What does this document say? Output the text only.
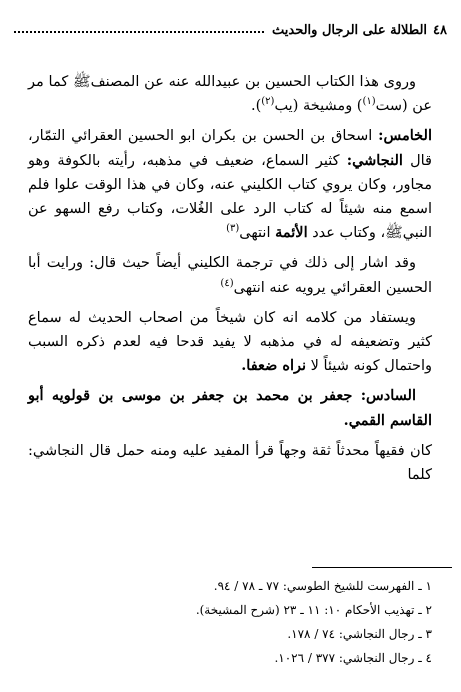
٤٨
الطلالة على الرجال والحديث

وروى هذا الكتاب الحسين بن عبيدالله عنه عن المصنفﷺ كما مر عن (ست$^{(١)}$) ومشيخة (يب$^{(٢)}$).

الخامس: اسحاق بن الحسن بن بكران ابو الحسين العقرائي التمّار، قال النجاشي: كثير السماع، ضعيف في مذهبه، رأيته بالكوفة وهو مجاور، وكان يروي كتاب الكليني عنه، وكان في هذا الوقت علوا فلم اسمع منه شيئاً له كتاب الرد على الغُلات، وكتاب رفع السهو عن النبيﷺ، وكتاب عدد الأئمة انتهى$^{(٣)}$

وقد اشار إلى ذلك في ترجمة الكليني أيضاً حيث قال: ورايت أبا الحسين العقرائي يرويه عنه انتهى$^{(٤)}$

ويستفاد من كلامه انه كان شيخاً من اصحاب الحديث له سماع كثير وتضعيفه له في مذهبه لا يفيد قدحا فيه لعدم ذكره السبب واحتمال كونه شيئاً لا نراه ضعفا.

السادس: جعفر بن محمد بن جعفر بن موسى بن قولويه أبو القاسم القمي.

كان فقيهاً محدثاً ثقة وجهاً قرأ المفيد عليه ومنه حمل قال النجاشي: كلما

١ ـ الفهرست للشيخ الطوسي: ٧٧ ـ ٧٨ / ٩٤.
٢ ـ تهذيب الأحكام ١٠: ١١ ـ ٢٣ (شرح المشيخة).
٣ ـ رجال النجاشي: ٧٤ / ١٧٨.
٤ ـ رجال النجاشي: ٣٧٧ / ١٠٢٦.
